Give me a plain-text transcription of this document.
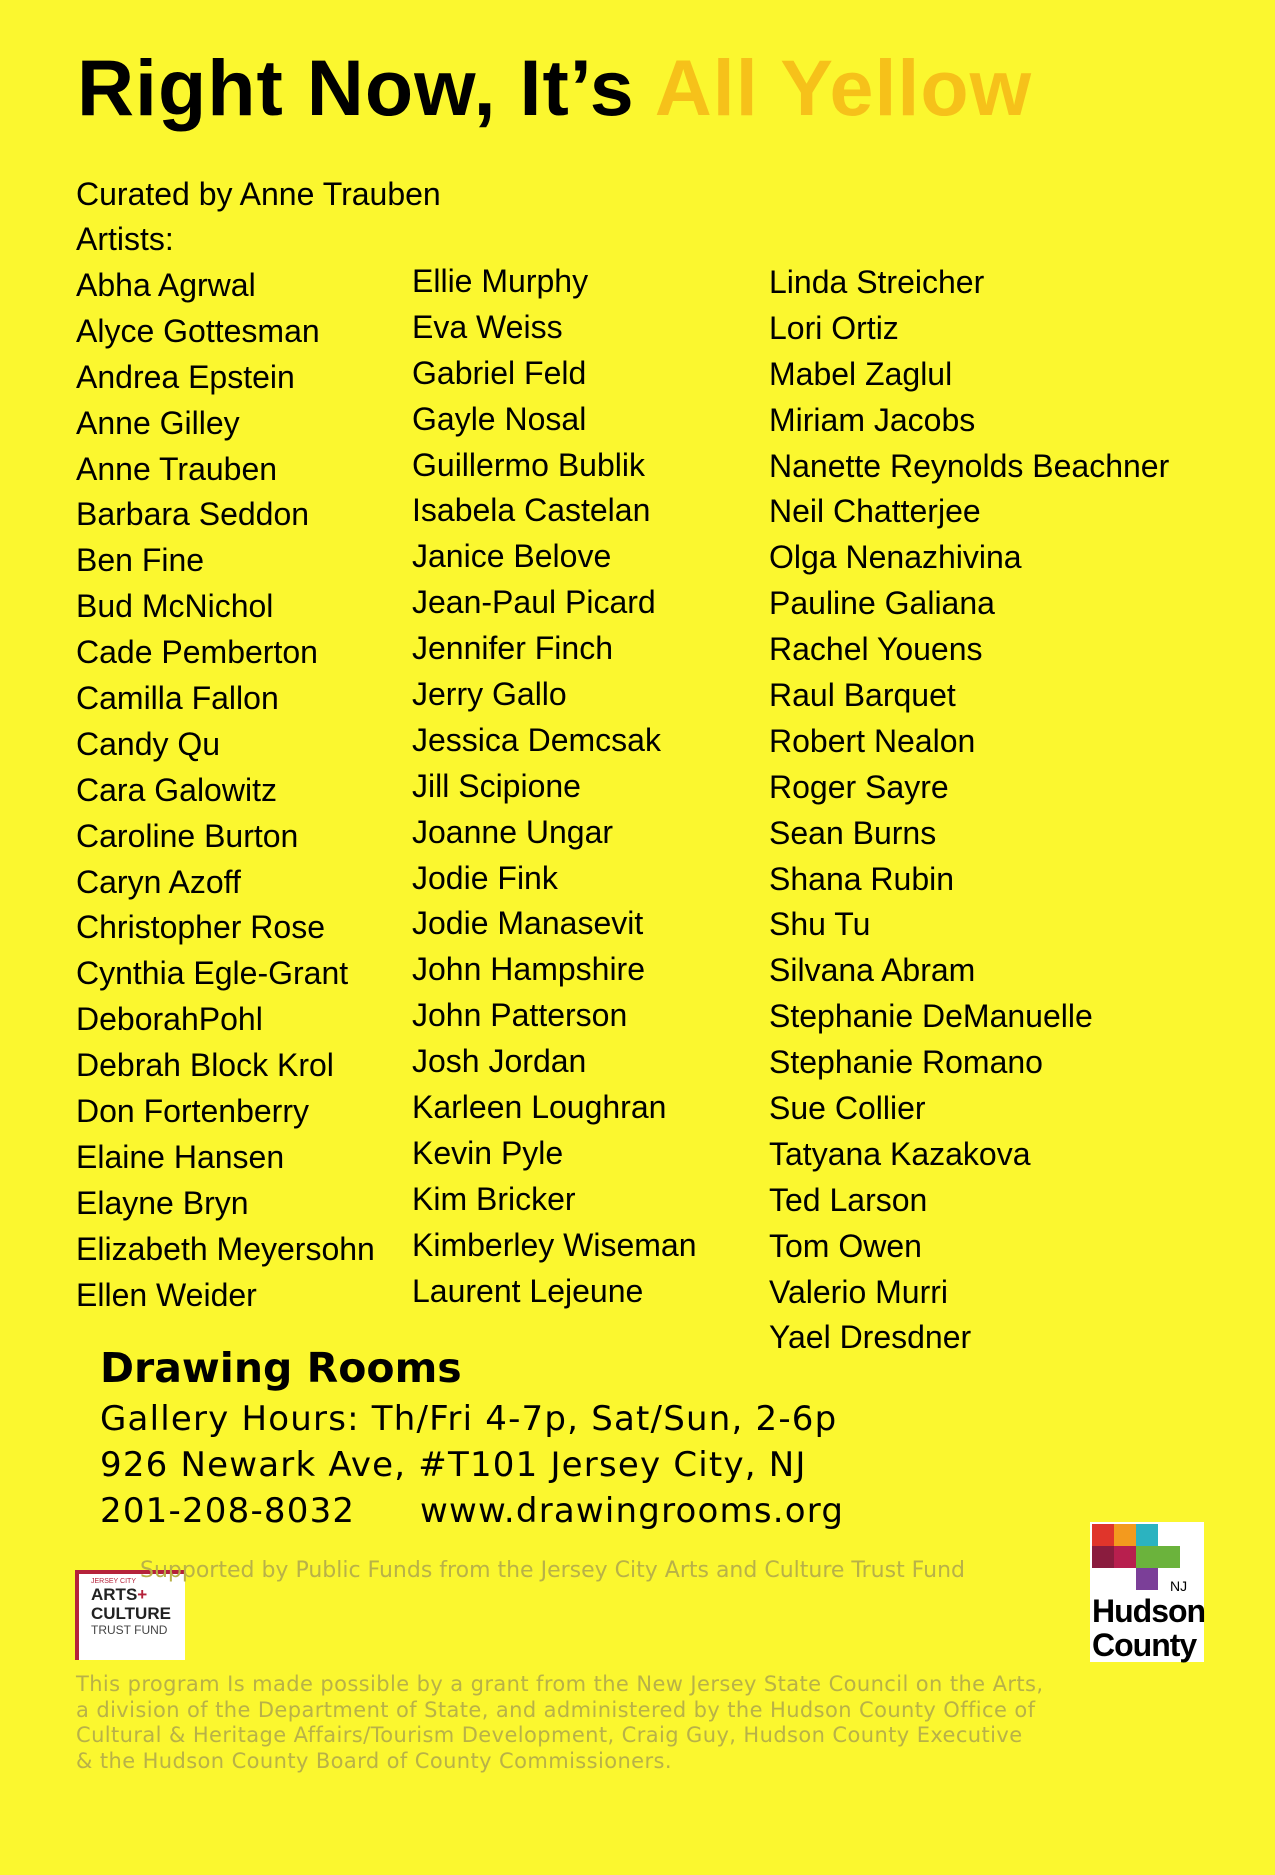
Right Now, It’s All Yellow
Curated by Anne Trauben
Artists:
Abha Agrwal
Alyce Gottesman
Andrea Epstein
Anne Gilley
Anne Trauben
Barbara Seddon
Ben Fine
Bud McNichol
Cade Pemberton
Camilla Fallon
Candy Qu
Cara Galowitz
Caroline Burton
Caryn Azoff
Christopher Rose
Cynthia Egle-Grant
DeborahPohl
Debrah Block Krol
Don Fortenberry
Elaine Hansen
Elayne Bryn
Elizabeth Meyersohn
Ellen Weider
Ellie Murphy
Eva Weiss
Gabriel Feld
Gayle Nosal
Guillermo Bublik
Isabela Castelan
Janice Belove
Jean-Paul Picard
Jennifer Finch
Jerry Gallo
Jessica Demcsak
Jill Scipione
Joanne Ungar
Jodie Fink
Jodie Manasevit
John Hampshire
John Patterson
Josh Jordan
Karleen Loughran
Kevin Pyle
Kim Bricker
Kimberley Wiseman
Laurent Lejeune
Linda Streicher
Lori Ortiz
Mabel Zaglul
Miriam Jacobs
Nanette Reynolds Beachner
Neil Chatterjee
Olga Nenazhivina
Pauline Galiana
Rachel Youens
Raul Barquet
Robert Nealon
Roger Sayre
Sean Burns
Shana Rubin
Shu Tu
Silvana Abram
Stephanie DeManuelle
Stephanie Romano
Sue Collier
Tatyana Kazakova
Ted Larson
Tom Owen
Valerio Murri
Yael Dresdner
Drawing Rooms
Gallery Hours: Th/Fri 4-7p, Sat/Sun, 2-6p
926 Newark Ave, #T101 Jersey City, NJ
201-208-8032 www.drawingrooms.org
JERSEY CITY
ARTS+
CULTURE
TRUST FUND
Supported by Public Funds from the Jersey City Arts and Culture Trust Fund
NJ
Hudson
County
This program Is made possible by a grant from the New Jersey State Council on the Arts,
a division of the Department of State, and administered by the Hudson County Office of
Cultural & Heritage Affairs/Tourism Development, Craig Guy, Hudson County Executive
& the Hudson County Board of County Commissioners.
